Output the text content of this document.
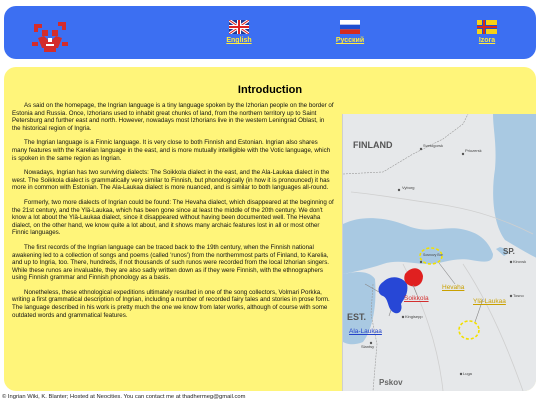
English	Русский	Izora
Introduction

As said on the homepage, the Ingrian language is a tiny language spoken by the Izhorian people on the border of Estonia and Russia. Once, Izhorians used to inhabit great chunks of land, from the northern territory up to Saint Petersburg and further east and north. However, nowadays most Izhorians live in the western Leningrad Oblast, in the historical region of Ingria.

The Ingrian language is a Finnic language. It is very close to both Finnish and Estonian. Ingrian also shares many features with the Karelian language in the east, and is more mutually intelligible with the Votic language, which is spoken in the same region as Ingrian.

Nowadays, Ingrian has two surviving dialects: The Soikkola dialect in the east, and the Ala-Laukaa dialect in the west. The Soikkola dialect is grammatically very similar to Finnish, but phonologically (in how it is pronounced) it has more in common with Estonian. The Ala-Laukaa dialect is more nuanced, and is similar to both languages all-round.

Formerly, two more dialects of Ingrian could be found: The Hevaha dialect, which disappeared at the beginning of the 21st century, and the Ylä-Laukaa, which has been gone since at least the middle of the 20th century. We don't know a lot about the Ylä-Laukaa dialect, since it disappeared without having been documented well. The Hevaha dialect, on the other hand, we know quite a lot about, and it shows many archaic features lost in all or most other Finnic languages.

The first records of the Ingrian language can be traced back to the 19th century, when the Finnish national awakening led to a collection of songs and poems (called 'runos') from the northernmost parts of Finland, to Karelia, and up to Ingria, too. There, hundreds, if not thousands of such runos were recorded from the local Izhorian singers. While these runos are invaluable, they are also sadly written down as if they were Finnish, with the ethnographers using Finnish grammar and Finnish phonology as a basis.

Nonetheless, these ethnological expeditions ultimately resulted in one of the song collectors, Volmari Porkka, writing a first grammatical description of Ingrian, including a number of recorded fairy tales and stories in prose form. The language described in his work is pretty much the one we know from later works, although of course with some outdated words and grammatical features.

FINLAND
EST.
SP.
Pskov
Svetogorsk
Priozersk
Vyborg
Sosnovy Bor
Kingisepp
Slantsy
Kirovsk
Tosno
Luga
Soikkola
Hevaha
Ylä-Laukaa
Ala-Laukaa
© Ingrian Wiki, K. Blanter; Hosted at Neocities. You can contact me at thadhermeg@gmail.com
